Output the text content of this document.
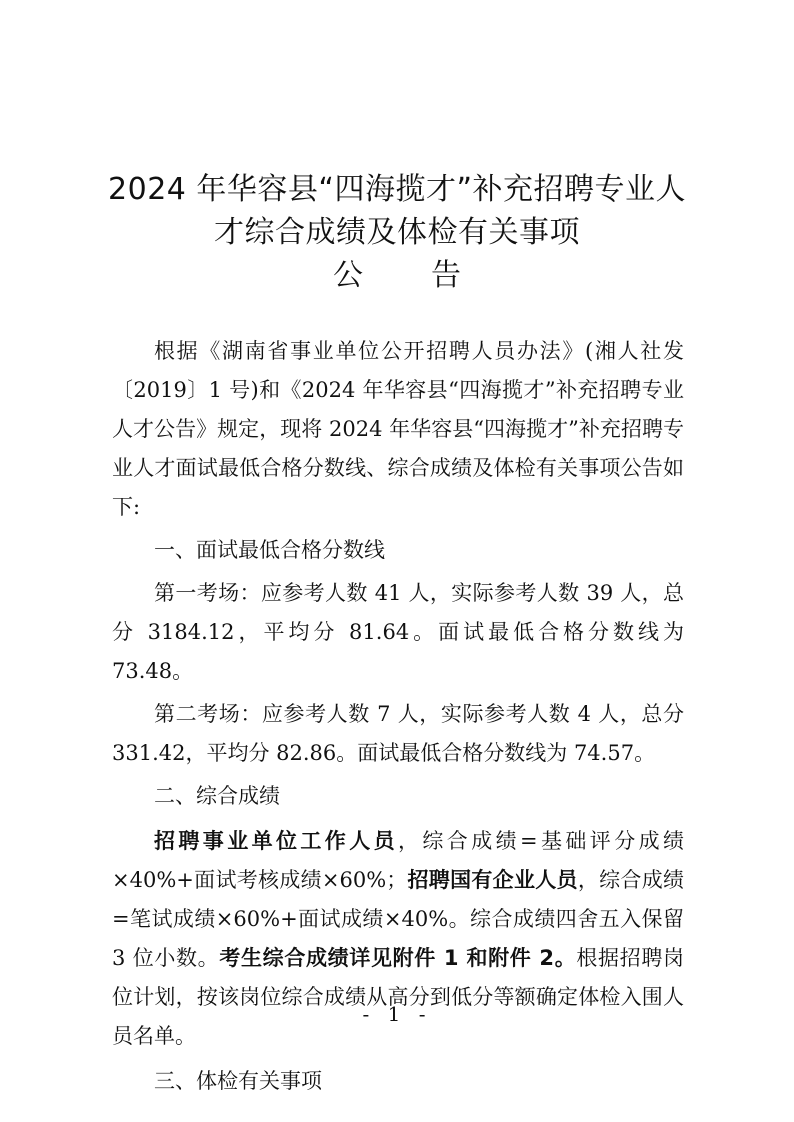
2024 年华容县“四海揽才”补充招聘专业人
才综合成绩及体检有关事项
公告

根据《湖南省事业单位公开招聘人员办法》(湘人社发〔2019〕1 号)和《2024 年华容县“四海揽才”补充招聘专业人才公告》规定，现将 2024 年华容县“四海揽才”补充招聘专业人才面试最低合格分数线、综合成绩及体检有关事项公告如下:

一、面试最低合格分数线

第一考场：应参考人数 41 人，实际参考人数 39 人，总分 3184.12，平均分 81.64。面试最低合格分数线为 73.48。

第二考场：应参考人数 7 人，实际参考人数 4 人，总分 331.42，平均分 82.86。面试最低合格分数线为 74.57。

二、综合成绩

招聘事业单位工作人员，综合成绩=基础评分成绩×40%+面试考核成绩×60%；招聘国有企业人员，综合成绩=笔试成绩×60%+面试成绩×40%。综合成绩四舍五入保留 3 位小数。考生综合成绩详见附件 1 和附件 2。根据招聘岗位计划，按该岗位综合成绩从高分到低分等额确定体检入围人员名单。

三、体检有关事项

- 1 -
